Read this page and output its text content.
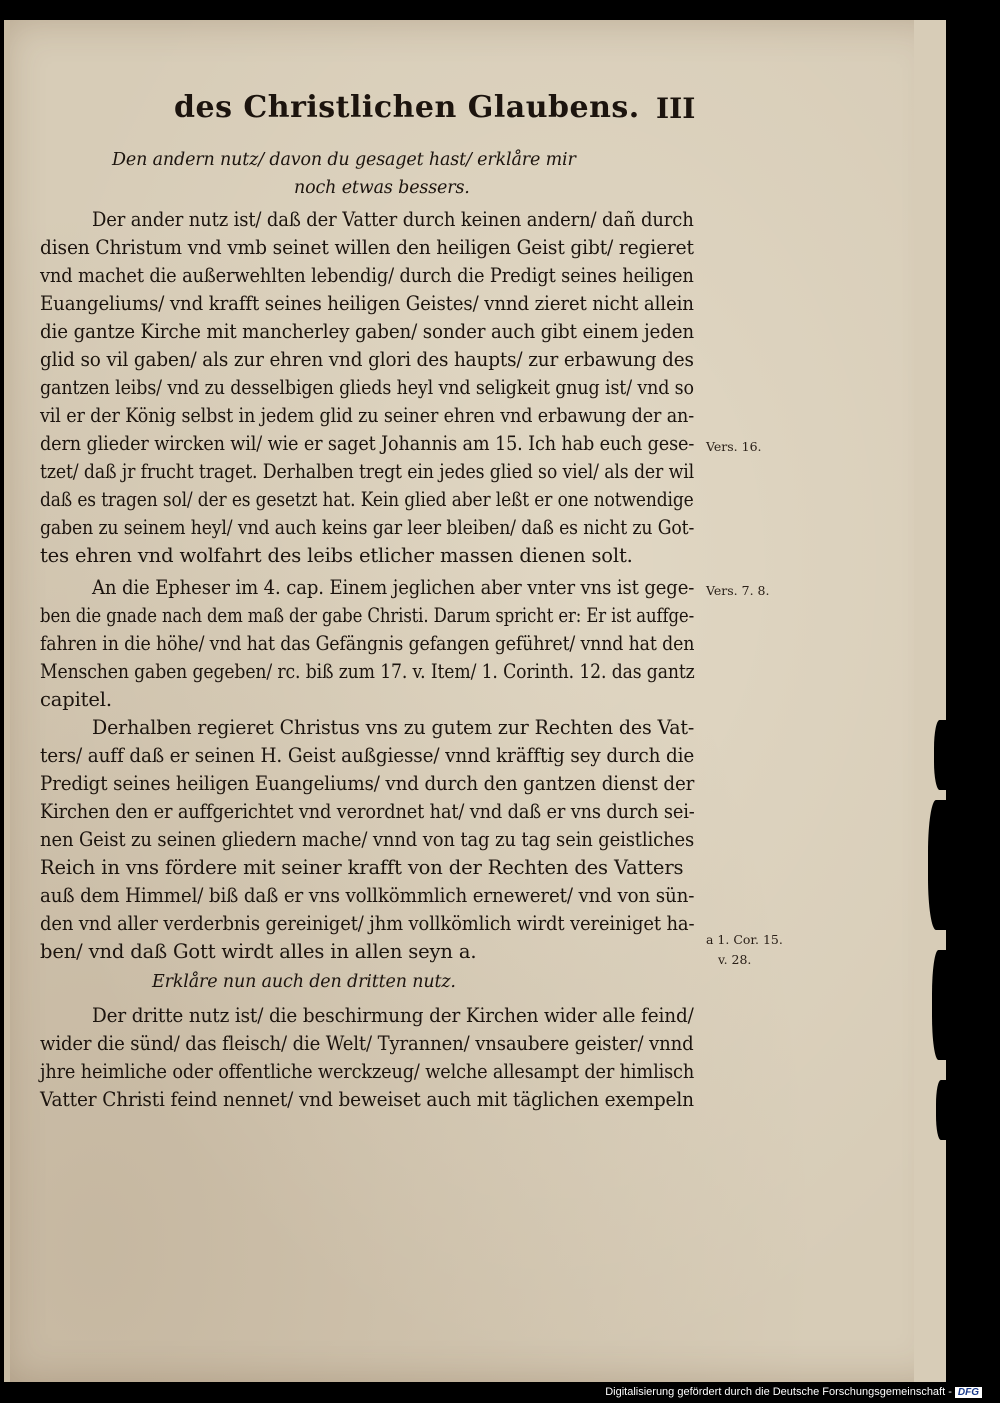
des Christlichen Glaubens. III
Den andern nutz/ davon du gesaget hast/ erklåre mir
noch etwas bessers.
Der ander nutz ist/ daß der Vatter durch keinen andern/ dañ durch
disen Christum vnd vmb seinet willen den heiligen Geist gibt/ regieret
vnd machet die außerwehlten lebendig/ durch die Predigt seines heiligen
Euangeliums/ vnd krafft seines heiligen Geistes/ vnnd zieret nicht allein
die gantze Kirche mit mancherley gaben/ sonder auch gibt einem jeden
glid so vil gaben/ als zur ehren vnd glori des haupts/ zur erbawung des
gantzen leibs/ vnd zu desselbigen glieds heyl vnd seligkeit gnug ist/ vnd so
vil er der König selbst in jedem glid zu seiner ehren vnd erbawung der an-
dern glieder wircken wil/ wie er saget Johannis am 15. Ich hab euch gese-
tzet/ daß jr frucht traget. Derhalben tregt ein jedes glied so viel/ als der wil
daß es tragen sol/ der es gesetzt hat. Kein glied aber leßt er one notwendige
gaben zu seinem heyl/ vnd auch keins gar leer bleiben/ daß es nicht zu Got-
tes ehren vnd wolfahrt des leibs etlicher massen dienen solt.
An die Epheser im 4. cap. Einem jeglichen aber vnter vns ist gege-
ben die gnade nach dem maß der gabe Christi. Darum spricht er: Er ist auffge-
fahren in die höhe/ vnd hat das Gefängnis gefangen geführet/ vnnd hat den
Menschen gaben gegeben/ rc. biß zum 17. v. Item/ 1. Corinth. 12. das gantz
capitel.
Derhalben regieret Christus vns zu gutem zur Rechten des Vat-
ters/ auff daß er seinen H. Geist außgiesse/ vnnd kräfftig sey durch die
Predigt seines heiligen Euangeliums/ vnd durch den gantzen dienst der
Kirchen den er auffgerichtet vnd verordnet hat/ vnd daß er vns durch sei-
nen Geist zu seinen gliedern mache/ vnnd von tag zu tag sein geistliches
Reich in vns fördere mit seiner krafft von der Rechten des Vatters
auß dem Himmel/ biß daß er vns vollkömmlich erneweret/ vnd von sün-
den vnd aller verderbnis gereiniget/ jhm vollkömlich wirdt vereiniget ha-
ben/ vnd daß Gott wirdt alles in allen seyn a.
Erklåre nun auch den dritten nutz.
Der dritte nutz ist/ die beschirmung der Kirchen wider alle feind/
wider die sünd/ das fleisch/ die Welt/ Tyrannen/ vnsaubere geister/ vnnd
jhre heimliche oder offentliche werckzeug/ welche allesampt der himlisch
Vatter Christi feind nennet/ vnd beweiset auch mit täglichen exempeln
Vers. 16.
Vers. 7. 8.
a 1. Cor. 15.
v. 28.
Digitalisierung gefördert durch die Deutsche Forschungsgemeinschaft - DFG
